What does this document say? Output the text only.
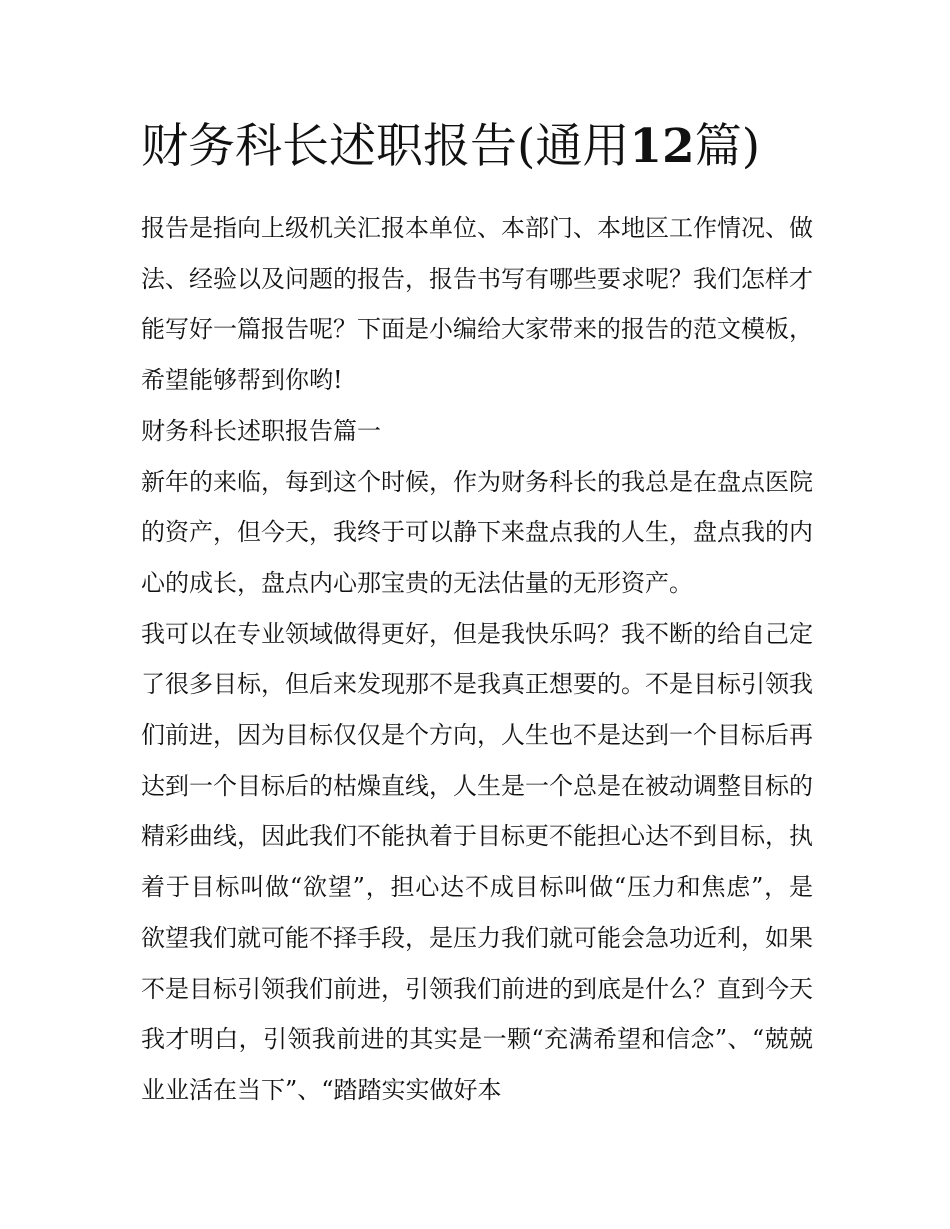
财务科长述职报告(通用12篇)

报告是指向上级机关汇报本单位、本部门、本地区工作情况、做法、经验以及问题的报告，报告书写有哪些要求呢？我们怎样才能写好一篇报告呢？下面是小编给大家带来的报告的范文模板，希望能够帮到你哟!

财务科长述职报告篇一

新年的来临，每到这个时候，作为财务科长的我总是在盘点医院的资产，但今天，我终于可以静下来盘点我的人生，盘点我的内心的成长，盘点内心那宝贵的无法估量的无形资产。

我可以在专业领域做得更好，但是我快乐吗？我不断的给自己定了很多目标，但后来发现那不是我真正想要的。不是目标引领我们前进，因为目标仅仅是个方向，人生也不是达到一个目标后再达到一个目标后的枯燥直线，人生是一个总是在被动调整目标的精彩曲线，因此我们不能执着于目标更不能担心达不到目标，执着于目标叫做“欲望”，担心达不成目标叫做“压力和焦虑”，是欲望我们就可能不择手段，是压力我们就可能会急功近利，如果不是目标引领我们前进，引领我们前进的到底是什么？直到今天我才明白，引领我前进的其实是一颗“充满希望和信念”、“兢兢业业活在当下”、“踏踏实实做好本
